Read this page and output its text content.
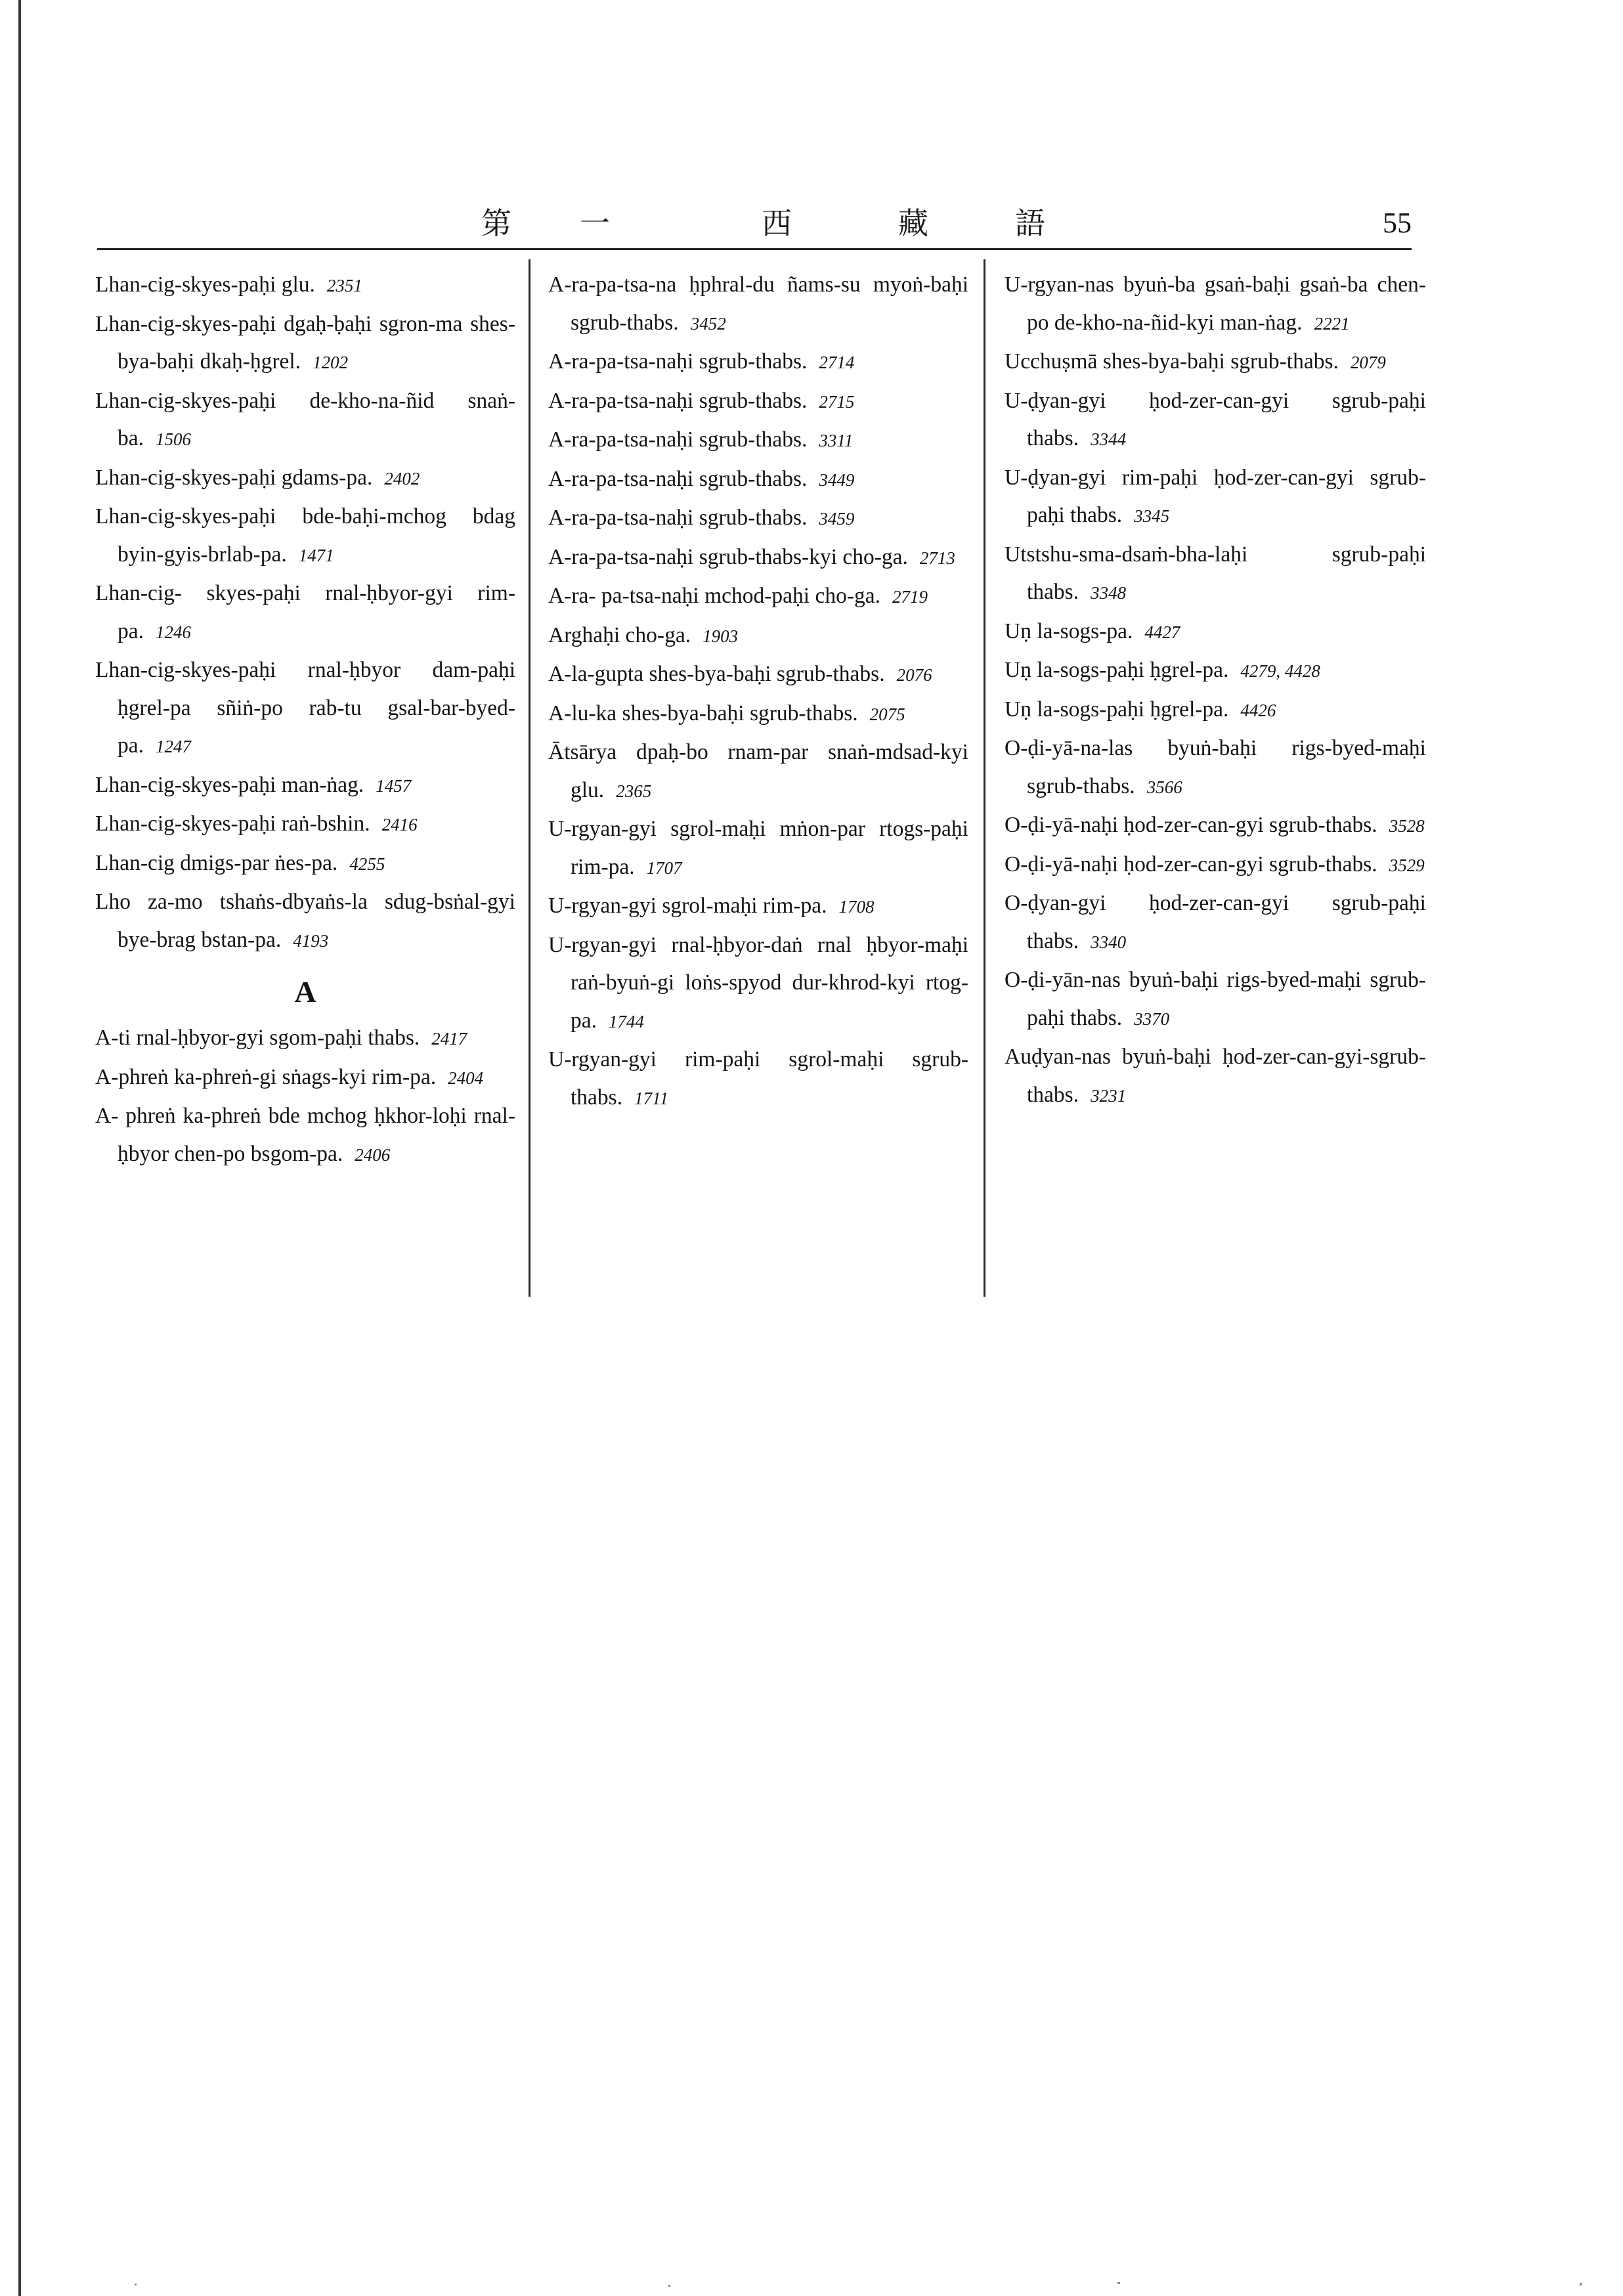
第 一	西	藏	語	55
Lhan-cig-skyes-paḥi glu. 2351
Lhan-cig-skyes-paḥi dgaḥ-ḅaḥi sgron-ma shes-bya-baḥi dkaḥ-ḥgrel. 1202
Lhan-cig-skyes-paḥi de-kho-na-ñid snaṅ-ba. 1506
Lhan-cig-skyes-paḥi gdams-pa. 2402
Lhan-cig-skyes-paḥi bde-baḥi-mchog bdag byin-gyis-brlab-pa. 1471
Lhan-cig- skyes-paḥi rnal-ḥbyor-gyi rim-pa. 1246
Lhan-cig-skyes-paḥi rnal-ḥbyor dam-paḥi ḥgrel-pa sñiṅ-po rab-tu gsal-bar-byed-pa. 1247
Lhan-cig-skyes-paḥi man-ṅag. 1457
Lhan-cig-skyes-paḥi raṅ-bshin. 2416
Lhan-cig dmigs-par ṅes-pa. 4255
Lho za-mo tshaṅs-dbyaṅs-la sdug-bsṅal-gyi bye-brag bstan-pa. 4193
A
A-ti rnal-ḥbyor-gyi sgom-paḥi thabs. 2417
A-phreṅ ka-phreṅ-gi sṅags-kyi rim-pa. 2404
A- phreṅ ka-phreṅ bde mchog ḥkhor-loḥi rnal-ḥbyor chen-po bsgom-pa. 2406
A-ra-pa-tsa-na ḥphral-du ñams-su myoṅ-baḥi sgrub-thabs. 3452
A-ra-pa-tsa-naḥi sgrub-thabs. 2714
A-ra-pa-tsa-naḥi sgrub-thabs. 2715
A-ra-pa-tsa-naḥi sgrub-thabs. 3311
A-ra-pa-tsa-naḥi sgrub-thabs. 3449
A-ra-pa-tsa-naḥi sgrub-thabs. 3459
A-ra-pa-tsa-naḥi sgrub-thabs-kyi cho-ga. 2713
A-ra- pa-tsa-naḥi mchod-paḥi cho-ga. 2719
Arghaḥi cho-ga. 1903
A-la-gupta shes-bya-baḥi sgrub-thabs. 2076
A-lu-ka shes-bya-baḥi sgrub-thabs. 2075
Ātsārya dpaḥ-bo rnam-par snaṅ-mdsad-kyi glu. 2365
U-rgyan-gyi sgrol-maḥi mṅon-par rtogs-paḥi rim-pa. 1707
U-rgyan-gyi sgrol-maḥi rim-pa. 1708
U-rgyan-gyi rnal-ḥbyor-daṅ rnal ḥbyor-maḥi raṅ-byuṅ-gi loṅs-spyod dur-khrod-kyi rtog-pa. 1744
U-rgyan-gyi rim-paḥi sgrol-maḥi sgrub-thabs. 1711
U-rgyan-nas byuṅ-ba gsaṅ-baḥi gsaṅ-ba chen-po de-kho-na-ñid-kyi man-ṅag. 2221
Ucchuṣmā shes-bya-baḥi sgrub-thabs. 2079
U-ḍyan-gyi ḥod-zer-can-gyi sgrub-paḥi thabs. 3344
U-ḍyan-gyi rim-paḥi ḥod-zer-can-gyi sgrub-paḥi thabs. 3345
Utstshu-sma-dsaṁ-bha-laḥi sgrub-paḥi thabs. 3348
Uṇ la-sogs-pa. 4427
Uṇ la-sogs-paḥi ḥgrel-pa. 4279, 4428
Uṇ la-sogs-paḥi ḥgrel-pa. 4426
O-ḍi-yā-na-las byuṅ-baḥi rigs-byed-maḥi sgrub-thabs. 3566
O-ḍi-yā-naḥi ḥod-zer-can-gyi sgrub-thabs. 3528
O-ḍi-yā-naḥi ḥod-zer-can-gyi sgrub-thabs. 3529
O-ḍyan-gyi ḥod-zer-can-gyi sgrub-paḥi thabs. 3340
O-ḍi-yān-nas byuṅ-baḥi rigs-byed-maḥi sgrub-paḥi thabs. 3370
Auḍyan-nas byuṅ-baḥi ḥod-zer-can-gyi-sgrub-thabs. 3231
